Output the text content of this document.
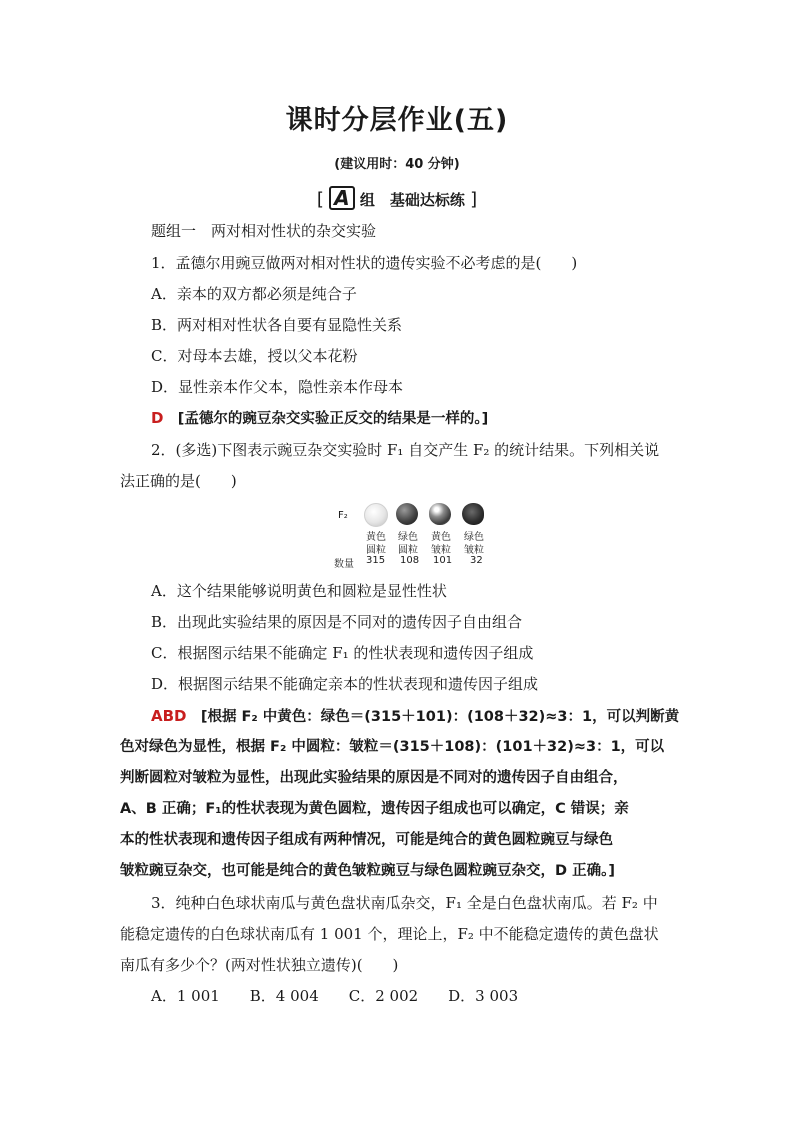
课时分层作业(五)
(建议用时：40 分钟)
[ A 组　基础达标练 ]
题组一　两对相对性状的杂交实验
1．孟德尔用豌豆做两对相对性状的遗传实验不必考虑的是(　　)
A．亲本的双方都必须是纯合子
B．两对相对性状各自要有显隐性关系
C．对母本去雄，授以父本花粉
D．显性亲本作父本，隐性亲本作母本
D [孟德尔的豌豆杂交实验正反交的结果是一样的。]
2．(多选)下图表示豌豆杂交实验时 F₁ 自交产生 F₂ 的统计结果。下列相关说
法正确的是(　　)
F₂
黄色 绿色 黄色 绿色
圆粒 圆粒 皱粒 皱粒
数量 315 108 101 32
A．这个结果能够说明黄色和圆粒是显性性状
B．出现此实验结果的原因是不同对的遗传因子自由组合
C．根据图示结果不能确定 F₁ 的性状表现和遗传因子组成
D．根据图示结果不能确定亲本的性状表现和遗传因子组成
ABD [根据 F₂ 中黄色：绿色＝(315＋101)：(108＋32)≈3：1，可以判断黄
色对绿色为显性，根据 F₂ 中圆粒：皱粒＝(315＋108)：(101＋32)≈3：1，可以
判断圆粒对皱粒为显性，出现此实验结果的原因是不同对的遗传因子自由组合，
A、B 正确；F₁的性状表现为黄色圆粒，遗传因子组成也可以确定，C 错误；亲
本的性状表现和遗传因子组成有两种情况，可能是纯合的黄色圆粒豌豆与绿色
皱粒豌豆杂交，也可能是纯合的黄色皱粒豌豆与绿色圆粒豌豆杂交，D 正确。]
3．纯种白色球状南瓜与黄色盘状南瓜杂交，F₁ 全是白色盘状南瓜。若 F₂ 中
能稳定遗传的白色球状南瓜有 1 001 个，理论上，F₂ 中不能稳定遗传的黄色盘状
南瓜有多少个？(两对性状独立遗传)(　　)
A．1 001　　B．4 004　　C．2 002　　D．3 003
